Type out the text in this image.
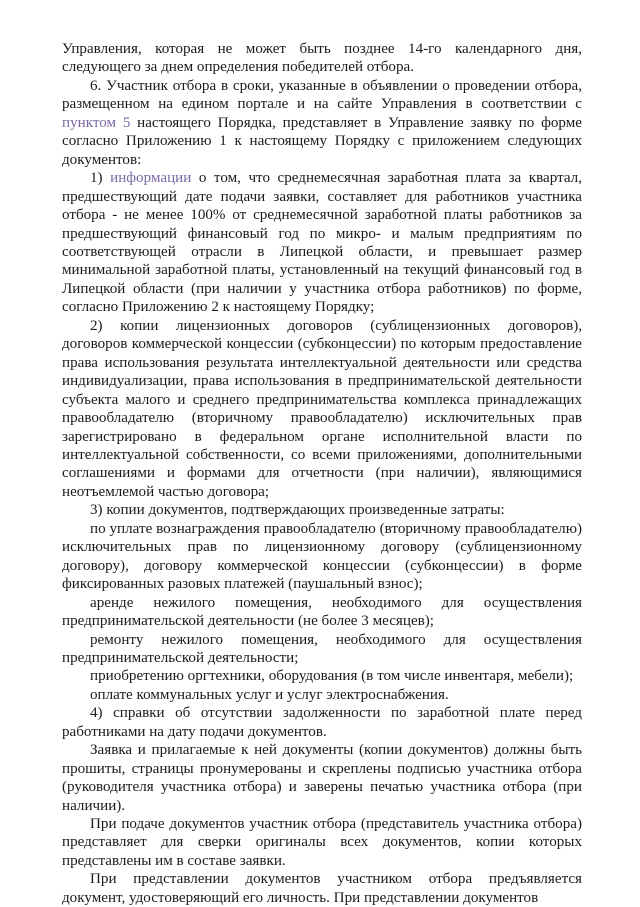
Управления, которая не может быть позднее 14-го календарного дня, следующего за днем определения победителей отбора.

6. Участник отбора в сроки, указанные в объявлении о проведении отбора, размещенном на едином портале и на сайте Управления в соответствии с пунктом 5 настоящего Порядка, представляет в Управление заявку по форме согласно Приложению 1 к настоящему Порядку с приложением следующих документов:

1) информации о том, что среднемесячная заработная плата за квартал, предшествующий дате подачи заявки, составляет для работников участника отбора - не менее 100% от среднемесячной заработной платы работников за предшествующий финансовый год по микро- и малым предприятиям по соответствующей отрасли в Липецкой области, и превышает размер минимальной заработной платы, установленный на текущий финансовый год в Липецкой области (при наличии у участника отбора работников) по форме, согласно Приложению 2 к настоящему Порядку;

2) копии лицензионных договоров (сублицензионных договоров), договоров коммерческой концессии (субконцессии) по которым предоставление права использования результата интеллектуальной деятельности или средства индивидуализации, права использования в предпринимательской деятельности субъекта малого и среднего предпринимательства комплекса принадлежащих правообладателю (вторичному правообладателю) исключительных прав зарегистрировано в федеральном органе исполнительной власти по интеллектуальной собственности, со всеми приложениями, дополнительными соглашениями и формами для отчетности (при наличии), являющимися неотъемлемой частью договора;

3) копии документов, подтверждающих произведенные затраты:

по уплате вознаграждения правообладателю (вторичному правообладателю) исключительных прав по лицензионному договору (сублицензионному договору), договору коммерческой концессии (субконцессии) в форме фиксированных разовых платежей (паушальный взнос);

аренде нежилого помещения, необходимого для осуществления предпринимательской деятельности (не более 3 месяцев);

ремонту нежилого помещения, необходимого для осуществления предпринимательской деятельности;

приобретению оргтехники, оборудования (в том числе инвентаря, мебели);

оплате коммунальных услуг и услуг электроснабжения.

4) справки об отсутствии задолженности по заработной плате перед работниками на дату подачи документов.

Заявка и прилагаемые к ней документы (копии документов) должны быть прошиты, страницы пронумерованы и скреплены подписью участника отбора (руководителя участника отбора) и заверены печатью участника отбора (при наличии).

При подаче документов участник отбора (представитель участника отбора) представляет для сверки оригиналы всех документов, копии которых представлены им в составе заявки.

При представлении документов участником отбора предъявляется документ, удостоверяющий его личность. При представлении документов
